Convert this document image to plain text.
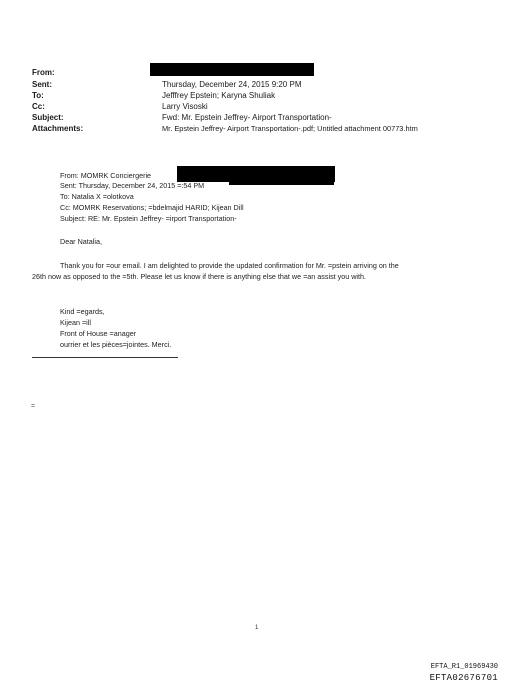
From:
Sent:	Thursday, December 24, 2015 9:20 PM
To:	Jefffrey Epstein; Karyna Shuliak
Cc:	Larry Visoski
Subject:	Fwd: Mr. Epstein Jeffrey- Airport Transportation-
Attachments:	Mr. Epstein Jeffrey- Airport Transportation-.pdf; Untitled attachment 00773.htm
From: MOMRK Conciergerie
Sent: Thursday, December 24, 2015 =:54 PM
To: Natalia X =olotkova
Cc: MOMRK Reservations; =bdelmajid HARID; Kijean Dill
Subject: RE: Mr. Epstein Jeffrey- =irport Transportation-
Dear Natalia,
Thank you for =our email. I am delighted to provide the updated confirmation for Mr. =pstein arriving on the
26th now as opposed to the =5th. Please let us know if there is anything else that we =an assist you with.
Kind =egards,
Kijean =ill
Front of House =anager
ourrier et les pièces=jointes. Merci.
=
1
EFTA_R1_01969430
EFTA02676701
